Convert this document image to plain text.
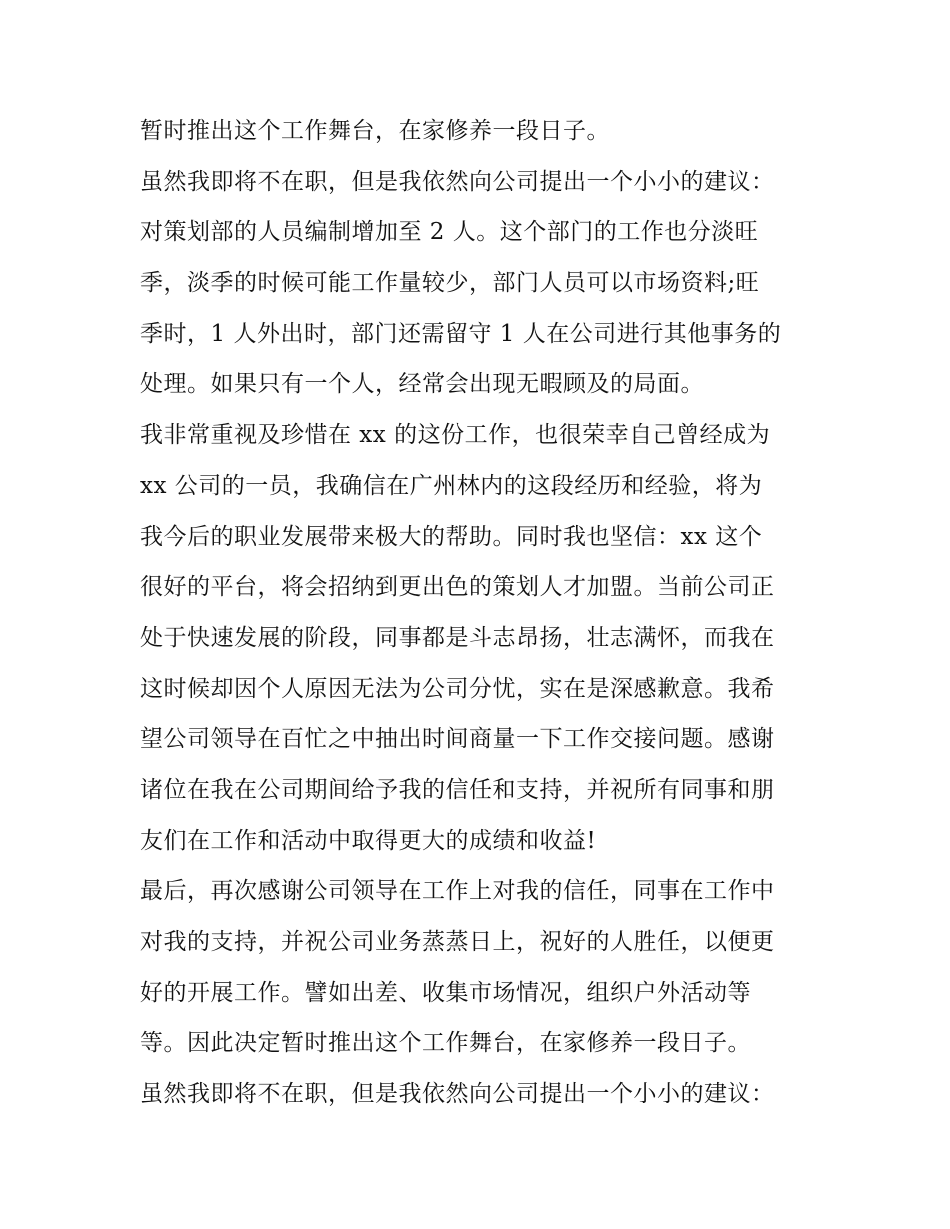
暂时推出这个工作舞台，在家修养一段日子。
虽然我即将不在职，但是我依然向公司提出一个小小的建议：
对策划部的人员编制增加至 2 人。这个部门的工作也分淡旺
季，淡季的时候可能工作量较少，部门人员可以市场资料;旺
季时，1 人外出时，部门还需留守 1 人在公司进行其他事务的
处理。如果只有一个人，经常会出现无暇顾及的局面。
我非常重视及珍惜在 xx 的这份工作，也很荣幸自己曾经成为
xx 公司的一员，我确信在广州林内的这段经历和经验，将为
我今后的职业发展带来极大的帮助。同时我也坚信：xx 这个
很好的平台，将会招纳到更出色的策划人才加盟。当前公司正
处于快速发展的阶段，同事都是斗志昂扬，壮志满怀，而我在
这时候却因个人原因无法为公司分忧，实在是深感歉意。我希
望公司领导在百忙之中抽出时间商量一下工作交接问题。感谢
诸位在我在公司期间给予我的信任和支持，并祝所有同事和朋
友们在工作和活动中取得更大的成绩和收益!
最后，再次感谢公司领导在工作上对我的信任，同事在工作中
对我的支持，并祝公司业务蒸蒸日上，祝好的人胜任，以便更
好的开展工作。譬如出差、收集市场情况，组织户外活动等
等。因此决定暂时推出这个工作舞台，在家修养一段日子。
虽然我即将不在职，但是我依然向公司提出一个小小的建议：
